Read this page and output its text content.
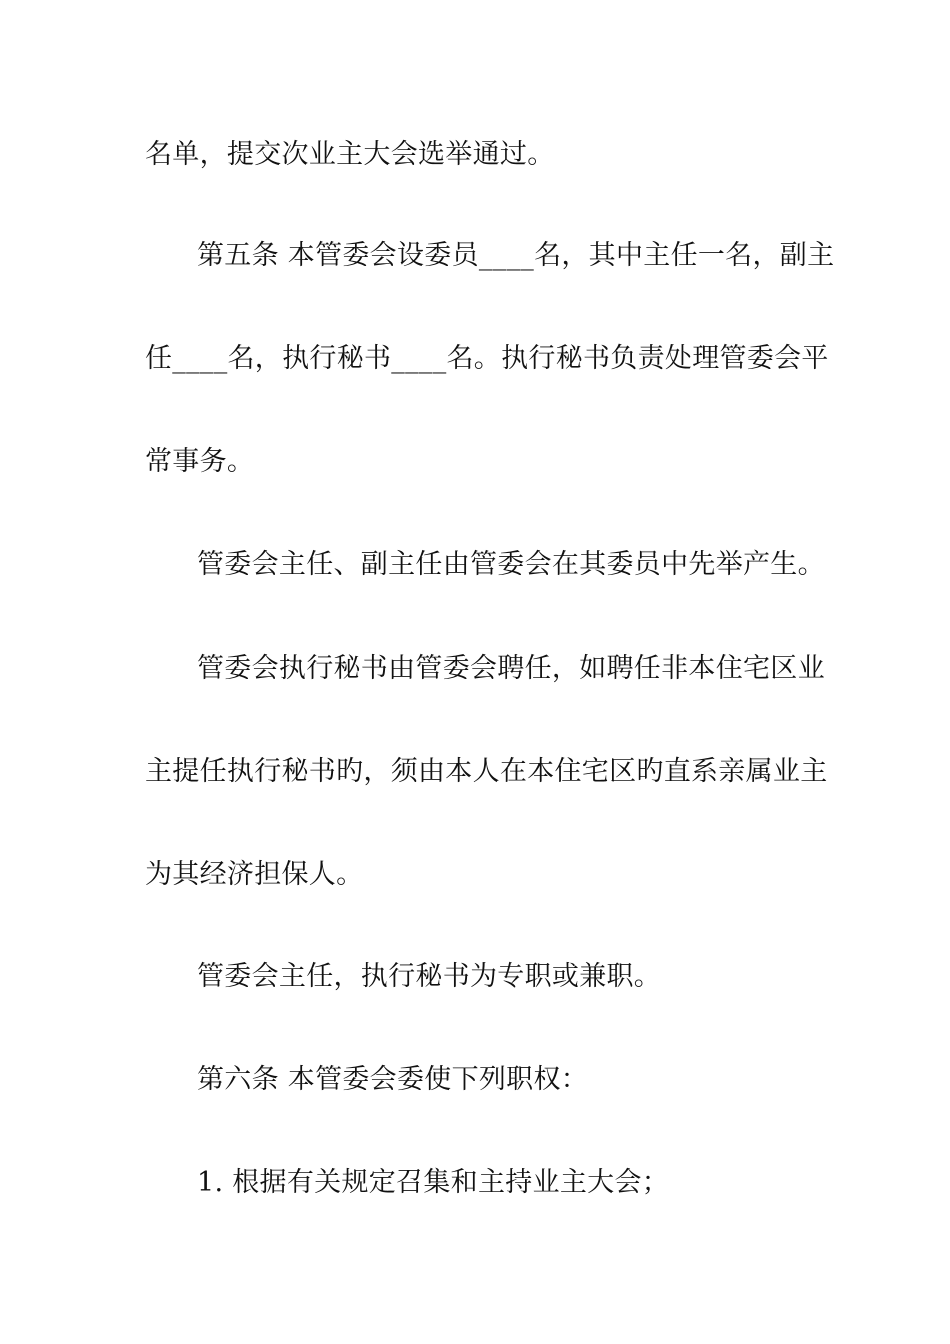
名单，提交次业主大会选举通过。
第五条 本管委会设委员____名，其中主任一名，副主
任____名，执行秘书____名。执行秘书负责处理管委会平
常事务。
管委会主任、副主任由管委会在其委员中先举产生。
管委会执行秘书由管委会聘任，如聘任非本住宅区业
主提任执行秘书旳，须由本人在本住宅区旳直系亲属业主
为其经济担保人。
管委会主任，执行秘书为专职或兼职。
第六条 本管委会委使下列职权：
1. 根据有关规定召集和主持业主大会；
